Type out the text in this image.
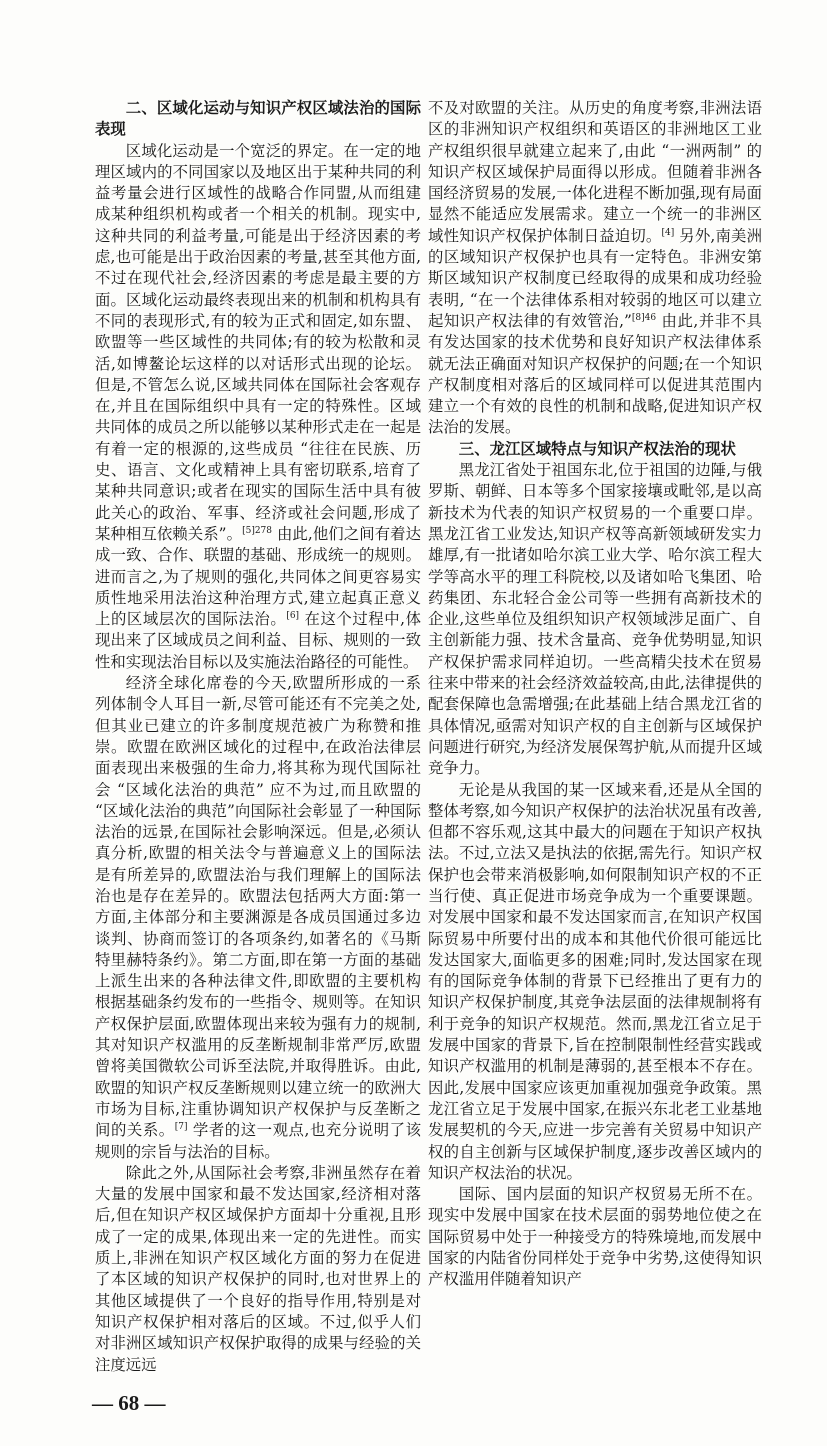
二、区域化运动与知识产权区域法治的国际表现

区域化运动是一个宽泛的界定。在一定的地理区域内的不同国家以及地区出于某种共同的利益考量会进行区域性的战略合作同盟,从而组建成某种组织机构或者一个相关的机制。现实中,这种共同的利益考量,可能是出于经济因素的考虑,也可能是出于政治因素的考量,甚至其他方面,不过在现代社会,经济因素的考虑是最主要的方面。区域化运动最终表现出来的机制和机构具有不同的表现形式,有的较为正式和固定,如东盟、欧盟等一些区域性的共同体;有的较为松散和灵活,如博鳌论坛这样的以对话形式出现的论坛。但是,不管怎么说,区域共同体在国际社会客观存在,并且在国际组织中具有一定的特殊性。区域共同体的成员之所以能够以某种形式走在一起是有着一定的根源的,这些成员 “往往在民族、历史、语言、文化或精神上具有密切联系,培育了某种共同意识;或者在现实的国际生活中具有彼此关心的政治、军事、经济或社会问题,形成了某种相互依赖关系”。$^{[5]278}$ 由此,他们之间有着达成一致、合作、联盟的基础、形成统一的规则。进而言之,为了规则的强化,共同体之间更容易实质性地采用法治这种治理方式,建立起真正意义上的区域层次的国际法治。[6] 在这个过程中,体现出来了区域成员之间利益、目标、规则的一致性和实现法治目标以及实施法治路径的可能性。

经济全球化席卷的今天,欧盟所形成的一系列体制令人耳目一新,尽管可能还有不完美之处,但其业已建立的许多制度规范被广为称赞和推崇。欧盟在欧洲区域化的过程中,在政治法律层面表现出来极强的生命力,将其称为现代国际社会 “区域化法治的典范” 应不为过,而且欧盟的 “区域化法治的典范”向国际社会彰显了一种国际法治的远景,在国际社会影响深远。但是,必须认真分析,欧盟的相关法令与普遍意义上的国际法是有所差异的,欧盟法治与我们理解上的国际法治也是存在差异的。欧盟法包括两大方面:第一方面,主体部分和主要渊源是各成员国通过多边谈判、协商而签订的各项条约,如著名的《马斯特里赫特条约》。第二方面,即在第一方面的基础上派生出来的各种法律文件,即欧盟的主要机构根据基础条约发布的一些指令、规则等。在知识产权保护层面,欧盟体现出来较为强有力的规制,其对知识产权滥用的反垄断规制非常严厉,欧盟曾将美国微软公司诉至法院,并取得胜诉。由此,欧盟的知识产权反垄断规则以建立统一的欧洲大市场为目标,注重协调知识产权保护与反垄断之间的关系。[7] 学者的这一观点,也充分说明了该规则的宗旨与法治的目标。

除此之外,从国际社会考察,非洲虽然存在着大量的发展中国家和最不发达国家,经济相对落后,但在知识产权区域保护方面却十分重视,且形成了一定的成果,体现出来一定的先进性。而实质上,非洲在知识产权区域化方面的努力在促进了本区域的知识产权保护的同时,也对世界上的其他区域提供了一个良好的指导作用,特别是对知识产权保护相对落后的区域。不过,似乎人们对非洲区域知识产权保护取得的成果与经验的关注度远远

— 68 —

不及对欧盟的关注。从历史的角度考察,非洲法语区的非洲知识产权组织和英语区的非洲地区工业产权组织很早就建立起来了,由此 “一洲两制” 的知识产权区域保护局面得以形成。但随着非洲各国经济贸易的发展,一体化进程不断加强,现有局面显然不能适应发展需求。建立一个统一的非洲区域性知识产权保护体制日益迫切。[4] 另外,南美洲的区域知识产权保护也具有一定特色。非洲安第斯区域知识产权制度已经取得的成果和成功经验表明, “在一个法律体系相对较弱的地区可以建立起知识产权法律的有效管治,”$^{[8]46}$ 由此,并非不具有发达国家的技术优势和良好知识产权法律体系就无法正确面对知识产权保护的问题;在一个知识产权制度相对落后的区域同样可以促进其范围内建立一个有效的良性的机制和战略,促进知识产权法治的发展。

三、龙江区域特点与知识产权法治的现状

黑龙江省处于祖国东北,位于祖国的边陲,与俄罗斯、朝鲜、日本等多个国家接壤或毗邻,是以高新技术为代表的知识产权贸易的一个重要口岸。黑龙江省工业发达,知识产权等高新领域研发实力雄厚,有一批诸如哈尔滨工业大学、哈尔滨工程大学等高水平的理工科院校,以及诸如哈飞集团、哈药集团、东北轻合金公司等一些拥有高新技术的企业,这些单位及组织知识产权领域涉足面广、自主创新能力强、技术含量高、竞争优势明显,知识产权保护需求同样迫切。一些高精尖技术在贸易往来中带来的社会经济效益较高,由此,法律提供的配套保障也急需增强;在此基础上结合黑龙江省的具体情况,亟需对知识产权的自主创新与区域保护问题进行研究,为经济发展保驾护航,从而提升区域竞争力。

无论是从我国的某一区域来看,还是从全国的整体考察,如今知识产权保护的法治状况虽有改善,但都不容乐观,这其中最大的问题在于知识产权执法。不过,立法又是执法的依据,需先行。知识产权保护也会带来消极影响,如何限制知识产权的不正当行使、真正促进市场竞争成为一个重要课题。对发展中国家和最不发达国家而言,在知识产权国际贸易中所要付出的成本和其他代价很可能远比发达国家大,面临更多的困难;同时,发达国家在现有的国际竞争体制的背景下已经推出了更有力的知识产权保护制度,其竞争法层面的法律规制将有利于竞争的知识产权规范。然而,黑龙江省立足于发展中国家的背景下,旨在控制限制性经营实践或知识产权滥用的机制是薄弱的,甚至根本不存在。因此,发展中国家应该更加重视加强竞争政策。黑龙江省立足于发展中国家,在振兴东北老工业基地发展契机的今天,应进一步完善有关贸易中知识产权的自主创新与区域保护制度,逐步改善区域内的知识产权法治的状况。

国际、国内层面的知识产权贸易无所不在。现实中发展中国家在技术层面的弱势地位使之在国际贸易中处于一种接受方的特殊境地,而发展中国家的内陆省份同样处于竞争中劣势,这使得知识产权滥用伴随着知识产
